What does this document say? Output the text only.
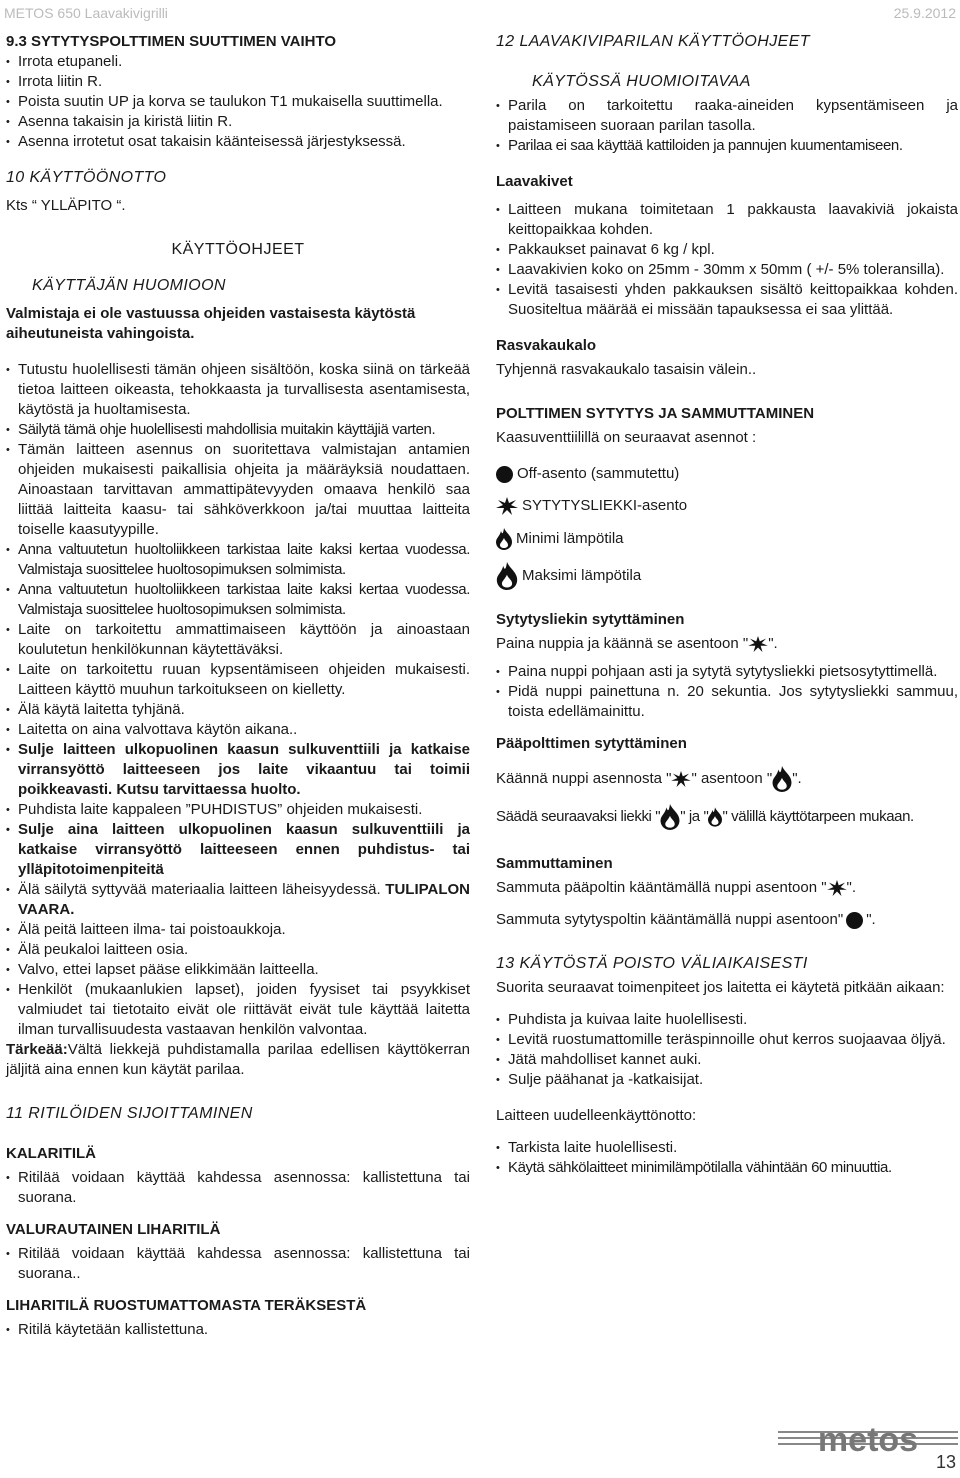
METOS 650 Laavakivigrilli	25.9.2012

9.3 SYTYTYSPOLTTIMEN SUUTTIMEN VAIHTO

• Irrota etupaneli.
• Irrota liitin R.
• Poista suutin UP ja korva se taulukon T1 mukaisella suuttimella.
• Asenna takaisin ja kiristä liitin R.
• Asenna irrotetut osat takaisin käänteisessä järjestyksessä.

10 KÄYTTÖÖNOTTO

Kts “ YLLÄPITO “.

KÄYTTÖOHJEET

KÄYTTÄJÄN HUOMIOON

Valmistaja ei ole vastuussa ohjeiden vastaisesta käytöstä aiheutuneista vahingoista.

• Tutustu huolellisesti tämän ohjeen sisältöön, koska siinä on tärkeää tietoa laitteen oikeasta, tehokkaasta ja turvallisesta asentamisesta, käytöstä ja huoltamisesta.
• Säilytä tämä ohje huolellisesti mahdollisia muitakin käyttäjiä varten.
• Tämän laitteen asennus on suoritettava valmistajan antamien ohjeiden mukaisesti paikallisia ohjeita ja määräyksiä noudattaen. Ainoastaan tarvittavan ammattipätevyyden omaava henkilö saa liittää laitteita kaasu- tai sähköverkkoon ja/tai muuttaa laitteita toiselle kaasutyypille.
• Anna valtuutetun huoltoliikkeen tarkistaa laite kaksi kertaa vuodessa. Valmistaja suosittelee huoltosopimuksen solmimista.
• Anna valtuutetun huoltoliikkeen tarkistaa laite kaksi kertaa vuodessa. Valmistaja suosittelee huoltosopimuksen solmimista.
• Laite on tarkoitettu ammattimaiseen käyttöön ja ainoastaan koulutetun henkilökunnan käytettäväksi.
• Laite on tarkoitettu ruuan kypsentämiseen ohjeiden mukaisesti. Laitteen käyttö muuhun tarkoitukseen on kielletty.
• Älä käytä laitetta tyhjänä.
• Laitetta on aina valvottava käytön aikana..
• Sulje laitteen ulkopuolinen kaasun sulkuventtiili ja katkaise virransyöttö laitteeseen jos laite vikaantuu tai toimii poikkeavasti. Kutsu tarvittaessa huolto.
• Puhdista laite kappaleen ”PUHDISTUS” ohjeiden mukaisesti.
• Sulje aina laitteen ulkopuolinen kaasun sulkuventtiili ja katkaise virransyöttö laitteeseen ennen puhdistus- tai ylläpitotoimenpiteitä
• Älä säilytä syttyvää materiaalia laitteen läheisyydessä. TULIPALON VAARA.
• Älä peitä laitteen ilma- tai poistoaukkoja.
• Älä peukaloi laitteen osia.
• Valvo, ettei lapset pääse elikkimään laitteella.
• Henkilöt (mukaanlukien lapset), joiden fyysiset tai psyykkiset valmiudet tai tietotaito eivät ole riittävät eivät tule käyttää laitetta ilman turvallisuudesta vastaavan henkilön valvontaa.

Tärkeää:Vältä liekkejä puhdistamalla parilaa edellisen käyttökerran jäljitä aina ennen kun käytät parilaa.

11 RITILÖIDEN SIJOITTAMINEN

KALARITILÄ

• Ritilää voidaan käyttää kahdessa asennossa: kallistettuna tai suorana.

VALURAUTAINEN LIHARITILÄ

• Ritilää voidaan käyttää kahdessa asennossa: kallistettuna tai suorana..

LIHARITILÄ RUOSTUMATTOMASTA TERÄKSESTÄ

• Ritilä käytetään kallistettuna.

12 LAAVAKIVIPARILAN KÄYTTÖOHJEET

KÄYTÖSSÄ HUOMIOITAVAA

• Parila on tarkoitettu raaka-aineiden kypsentämiseen ja paistamiseen suoraan parilan tasolla.
• Parilaa ei saa käyttää kattiloiden ja pannujen kuumentamiseen.

Laavakivet

• Laitteen mukana toimitetaan 1 pakkausta laavakiviä jokaista keittopaikkaa kohden.
• Pakkaukset painavat 6 kg / kpl.
• Laavakivien koko on 25mm - 30mm x 50mm ( +/- 5% toleransilla).
• Levitä tasaisesti yhden pakkauksen sisältö keittopaikkaa kohden. Suositeltua määrää ei missään tapauksessa ei saa ylittää.

Rasvakaukalo

Tyhjennä rasvakaukalo tasaisin välein..

POLTTIMEN SYTYTYS JA SAMMUTTAMINEN

Kaasuventtiilillä on seuraavat asennot :

Off-asento (sammutettu)
SYTYTYSLIEKKI-asento
Minimi lämpötila
Maksimi lämpötila

Sytytysliekin sytyttäminen

Paina nuppia ja käännä se asentoon " ".

• Paina nuppi pohjaan asti ja sytytä sytytysliekki pietsosytyttimellä.
• Pidä nuppi painettuna n. 20 sekuntia. Jos sytytysliekki sammuu, toista edellämainittu.

Pääpolttimen sytyttäminen

Käännä nuppi asennosta " " asentoon " ".

Säädä seuraavaksi liekki " " ja " " välillä käyttötarpeen mukaan.

Sammuttaminen

Sammuta pääpoltin kääntämällä nuppi asentoon " ".

Sammuta sytytyspoltin kääntämällä nuppi asentoon" ".

13 KÄYTÖSTÄ POISTO VÄLIAIKAISESTI

Suorita seuraavat toimenpiteet jos laitetta ei käytetä pitkään aikaan:

• Puhdista ja kuivaa laite huolellisesti.
• Levitä ruostumattomille teräspinnoille ohut kerros suojaavaa öljyä.
• Jätä mahdolliset kannet auki.
• Sulje päähanat ja -katkaisijat.

Laitteen uudelleenkäyttönotto:

• Tarkista laite huolellisesti.
• Käytä sähkölaitteet minimilämpötilalla vähintään 60 minuuttia.
metos
13
